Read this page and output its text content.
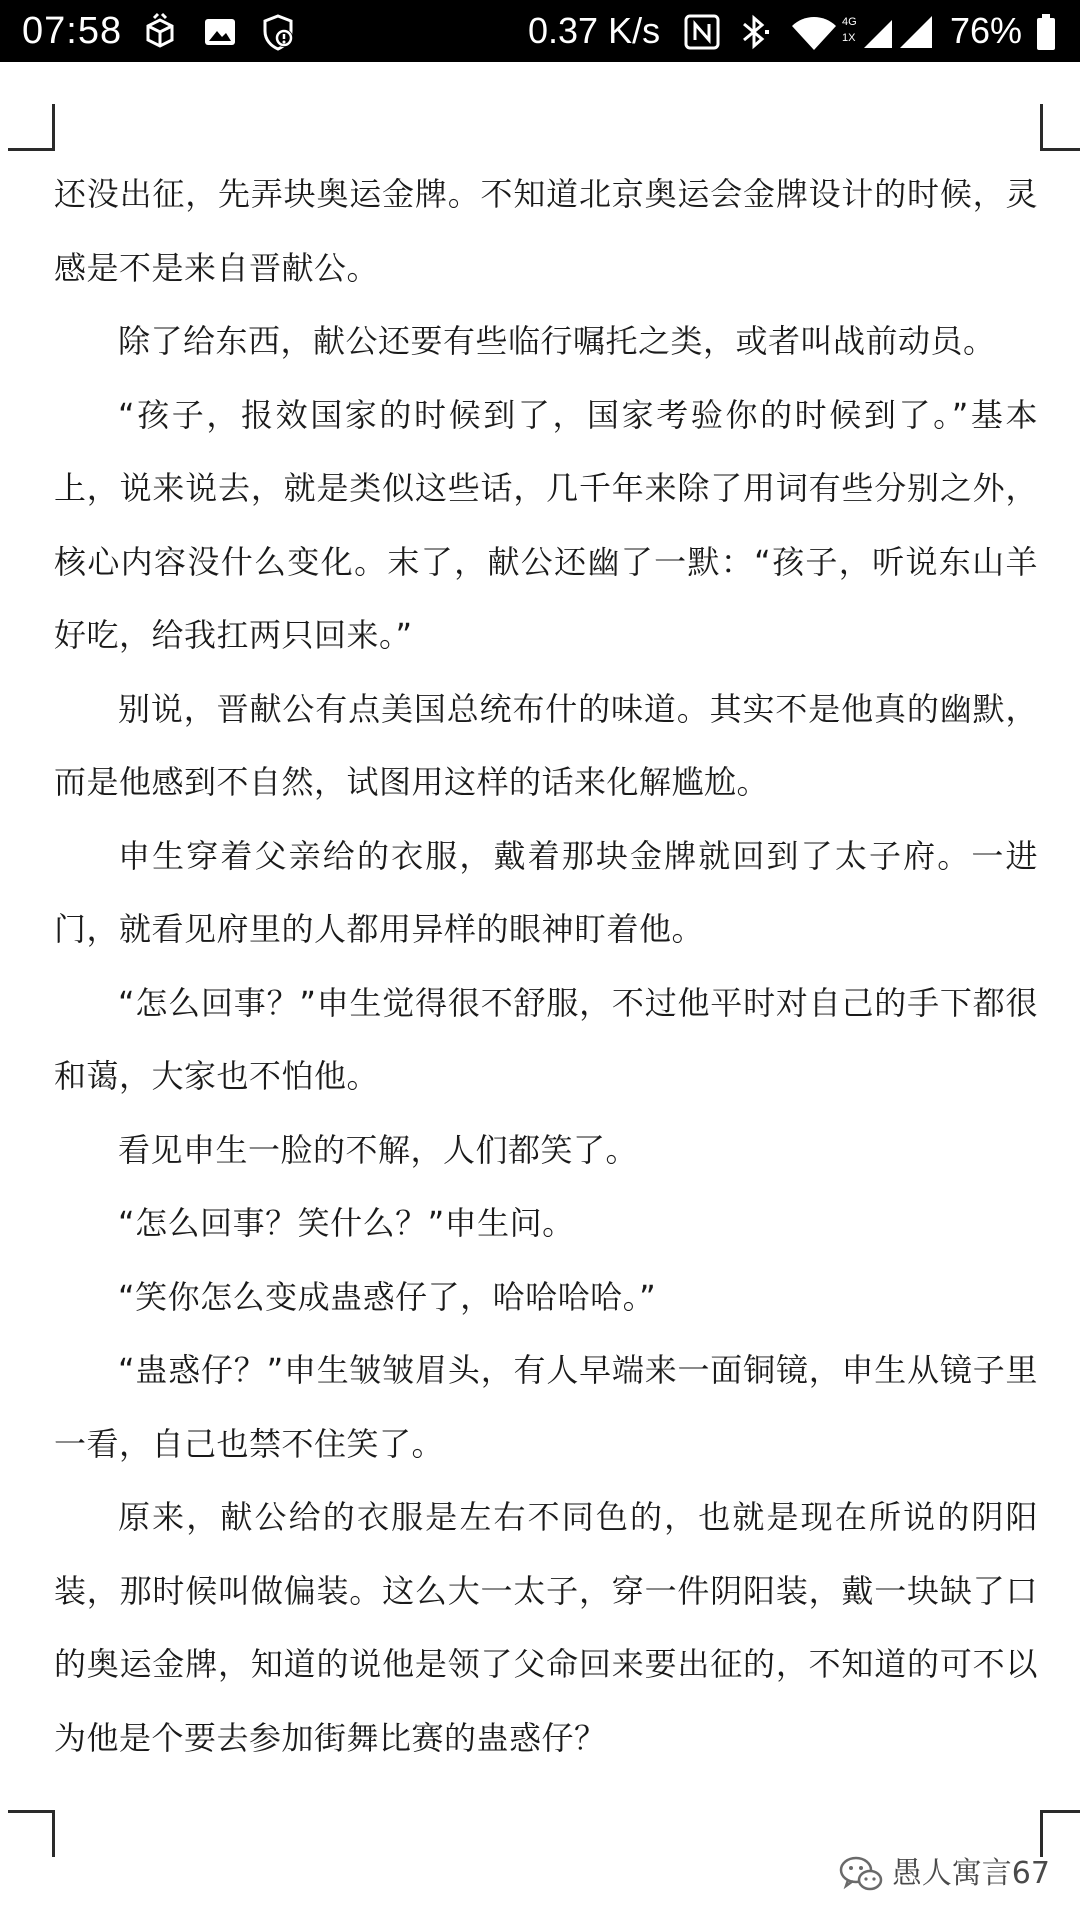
07:58	0.37 K/s	4G
1X	76%

还没出征，先弄块奥运金牌。不知道北京奥运会金牌设计的时候，灵感是不是来自晋献公。

除了给东西，献公还要有些临行嘱托之类，或者叫战前动员。

“孩子，报效国家的时候到了，国家考验你的时候到了。”基本上，说来说去，就是类似这些话，几千年来除了用词有些分别之外，核心内容没什么变化。末了，献公还幽了一默：“孩子，听说东山羊好吃，给我扛两只回来。”

别说，晋献公有点美国总统布什的味道。其实不是他真的幽默，而是他感到不自然，试图用这样的话来化解尴尬。

申生穿着父亲给的衣服，戴着那块金牌就回到了太子府。一进门，就看见府里的人都用异样的眼神盯着他。

“怎么回事？”申生觉得很不舒服，不过他平时对自己的手下都很和蔼，大家也不怕他。

看见申生一脸的不解，人们都笑了。

“怎么回事？笑什么？”申生问。

“笑你怎么变成蛊惑仔了，哈哈哈哈。”

“蛊惑仔？”申生皱皱眉头，有人早端来一面铜镜，申生从镜子里一看，自己也禁不住笑了。

原来，献公给的衣服是左右不同色的，也就是现在所说的阴阳装，那时候叫做偏装。这么大一太子，穿一件阴阳装，戴一块缺了口的奥运金牌，知道的说他是领了父命回来要出征的，不知道的可不以为他是个要去参加街舞比赛的蛊惑仔？

愚人寓言67
